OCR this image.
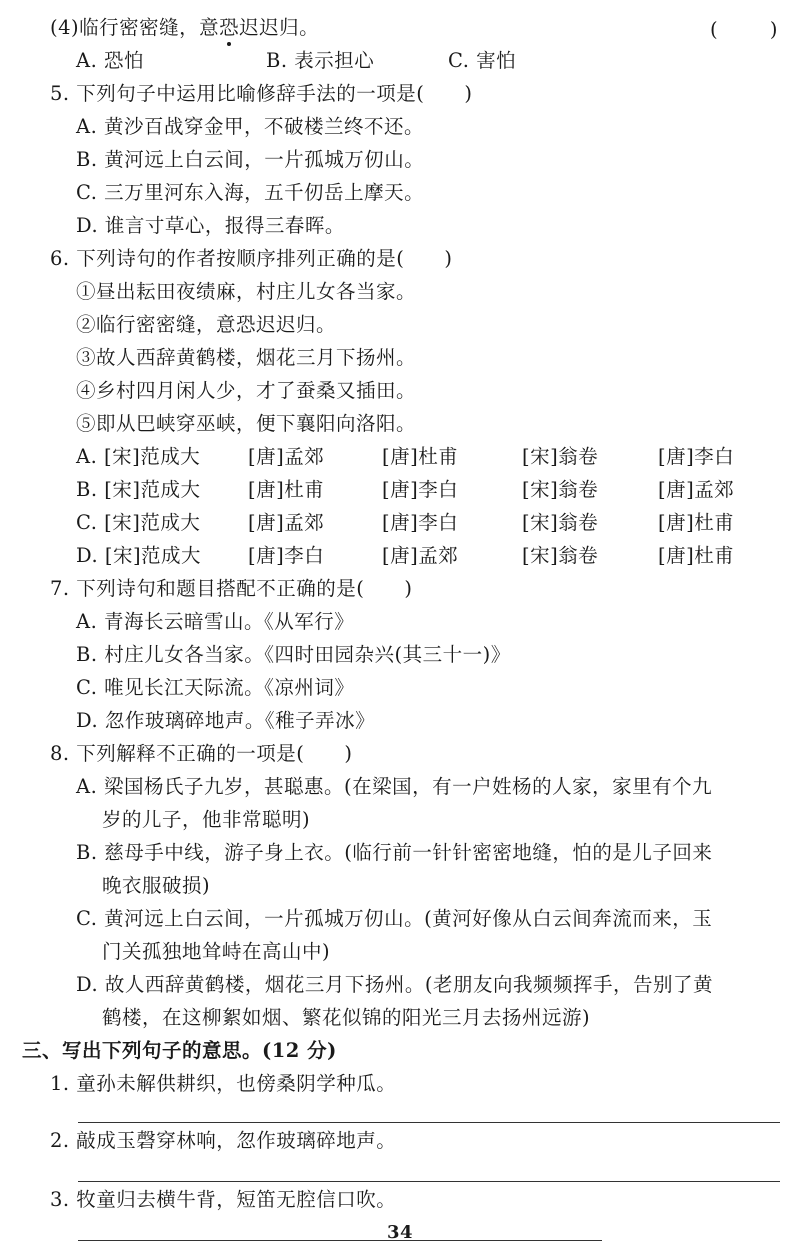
(4)临行密密缝，意恐迟迟归。	(	)
A. 恐怕	B. 表示担心	C. 害怕
5. 下列句子中运用比喻修辞手法的一项是(　　)
A. 黄沙百战穿金甲，不破楼兰终不还。
B. 黄河远上白云间，一片孤城万仞山。
C. 三万里河东入海，五千仞岳上摩天。
D. 谁言寸草心，报得三春晖。
6. 下列诗句的作者按顺序排列正确的是(　　)
①昼出耘田夜绩麻，村庄儿女各当家。
②临行密密缝，意恐迟迟归。
③故人西辞黄鹤楼，烟花三月下扬州。
④乡村四月闲人少，才了蚕桑又插田。
⑤即从巴峡穿巫峡，便下襄阳向洛阳。
A. [宋]范成大	[唐]孟郊	[唐]杜甫	[宋]翁卷	[唐]李白
B. [宋]范成大	[唐]杜甫	[唐]李白	[宋]翁卷	[唐]孟郊
C. [宋]范成大	[唐]孟郊	[唐]李白	[宋]翁卷	[唐]杜甫
D. [宋]范成大	[唐]李白	[唐]孟郊	[宋]翁卷	[唐]杜甫
7. 下列诗句和题目搭配不正确的是(　　)
A. 青海长云暗雪山。《从军行》
B. 村庄儿女各当家。《四时田园杂兴(其三十一)》
C. 唯见长江天际流。《凉州词》
D. 忽作玻璃碎地声。《稚子弄冰》
8. 下列解释不正确的一项是(　　)
A. 梁国杨氏子九岁，甚聪惠。(在梁国，有一户姓杨的人家，家里有个九
岁的儿子，他非常聪明)
B. 慈母手中线，游子身上衣。(临行前一针针密密地缝，怕的是儿子回来
晚衣服破损)
C. 黄河远上白云间，一片孤城万仞山。(黄河好像从白云间奔流而来，玉
门关孤独地耸峙在高山中)
D. 故人西辞黄鹤楼，烟花三月下扬州。(老朋友向我频频挥手，告别了黄
鹤楼，在这柳絮如烟、繁花似锦的阳光三月去扬州远游)
三、写出下列句子的意思。(12 分)
1. 童孙未解供耕织，也傍桑阴学种瓜。
2. 敲成玉磬穿林响，忽作玻璃碎地声。
3. 牧童归去横牛背，短笛无腔信口吹。
34
